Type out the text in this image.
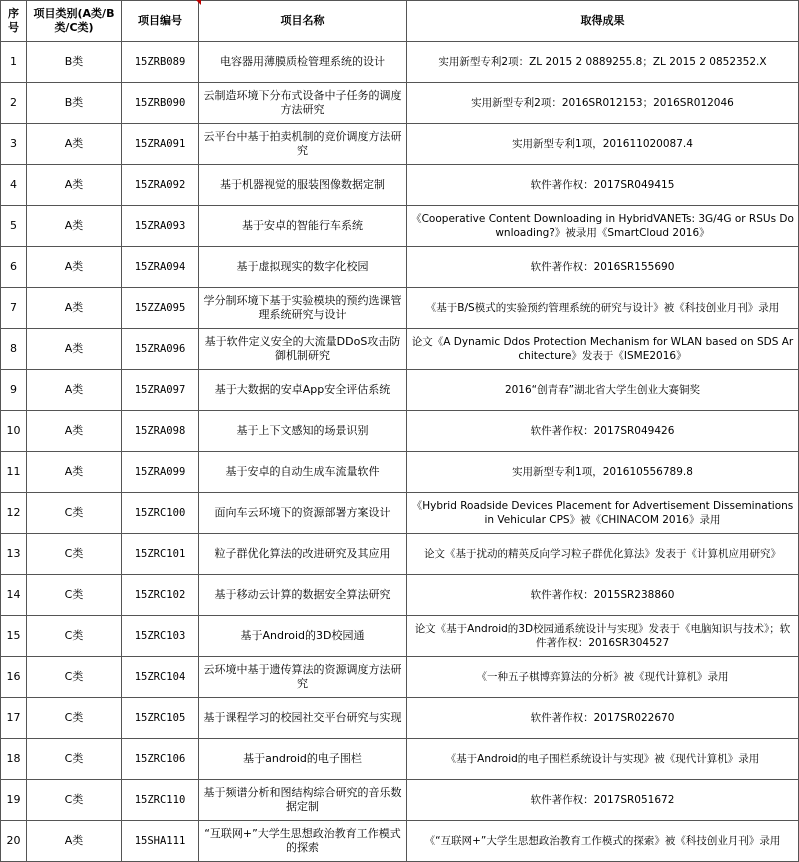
序号	项目类别(A类/B类/C类)	项目编号	项目名称	取得成果
1	B类	15ZRB089	电容器用薄膜质检管理系统的设计	实用新型专利2项：ZL 2015 2 0889255.8；ZL 2015 2 0852352.X
2	B类	15ZRB090	云制造环境下分布式设备中子任务的调度方法研究	实用新型专利2项：2016SR012153；2016SR012046
3	A类	15ZRA091	云平台中基于拍卖机制的竞价调度方法研究	实用新型专利1项，201611020087.4
4	A类	15ZRA092	基于机器视觉的服装图像数据定制	软件著作权：2017SR049415
5	A类	15ZRA093	基于安卓的智能行车系统	《Cooperative Content Downloading in HybridVANETs: 3G/4G or RSUs Downloading?》被录用《SmartCloud 2016》
6	A类	15ZRA094	基于虚拟现实的数字化校园	软件著作权：2016SR155690
7	A类	15ZZA095	学分制环境下基于实验模块的预约选课管理系统研究与设计	《基于B/S模式的实验预约管理系统的研究与设计》被《科技创业月刊》录用
8	A类	15ZRA096	基于软件定义安全的大流量DDoS攻击防御机制研究	论文《A Dynamic Ddos Protection Mechanism for WLAN based on SDS Architecture》发表于《ISME2016》
9	A类	15ZRA097	基于大数据的安卓App安全评估系统	2016“创青春”湖北省大学生创业大赛铜奖
10	A类	15ZRA098	基于上下文感知的场景识别	软件著作权：2017SR049426
11	A类	15ZRA099	基于安卓的自动生成车流量软件	实用新型专利1项，201610556789.8
12	C类	15ZRC100	面向车云环境下的资源部署方案设计	《Hybrid Roadside Devices Placement for Advertisement Disseminations in Vehicular CPS》被《CHINACOM 2016》录用
13	C类	15ZRC101	粒子群优化算法的改进研究及其应用	论文《基于扰动的精英反向学习粒子群优化算法》发表于《计算机应用研究》
14	C类	15ZRC102	基于移动云计算的数据安全算法研究	软件著作权：2015SR238860
15	C类	15ZRC103	基于Android的3D校园通	论文《基于Android的3D校园通系统设计与实现》发表于《电脑知识与技术》；软件著作权：2016SR304527
16	C类	15ZRC104	云环境中基于遗传算法的资源调度方法研究	《一种五子棋博弈算法的分析》被《现代计算机》录用
17	C类	15ZRC105	基于课程学习的校园社交平台研究与实现	软件著作权：2017SR022670
18	C类	15ZRC106	基于android的电子围栏	《基于Android的电子围栏系统设计与实现》被《现代计算机》录用
19	C类	15ZRC110	基于频谱分析和图结构综合研究的音乐数据定制	软件著作权：2017SR051672
20	A类	15SHA111	“互联网+”大学生思想政治教育工作模式的探索	《“互联网+”大学生思想政治教育工作模式的探索》被《科技创业月刊》录用
